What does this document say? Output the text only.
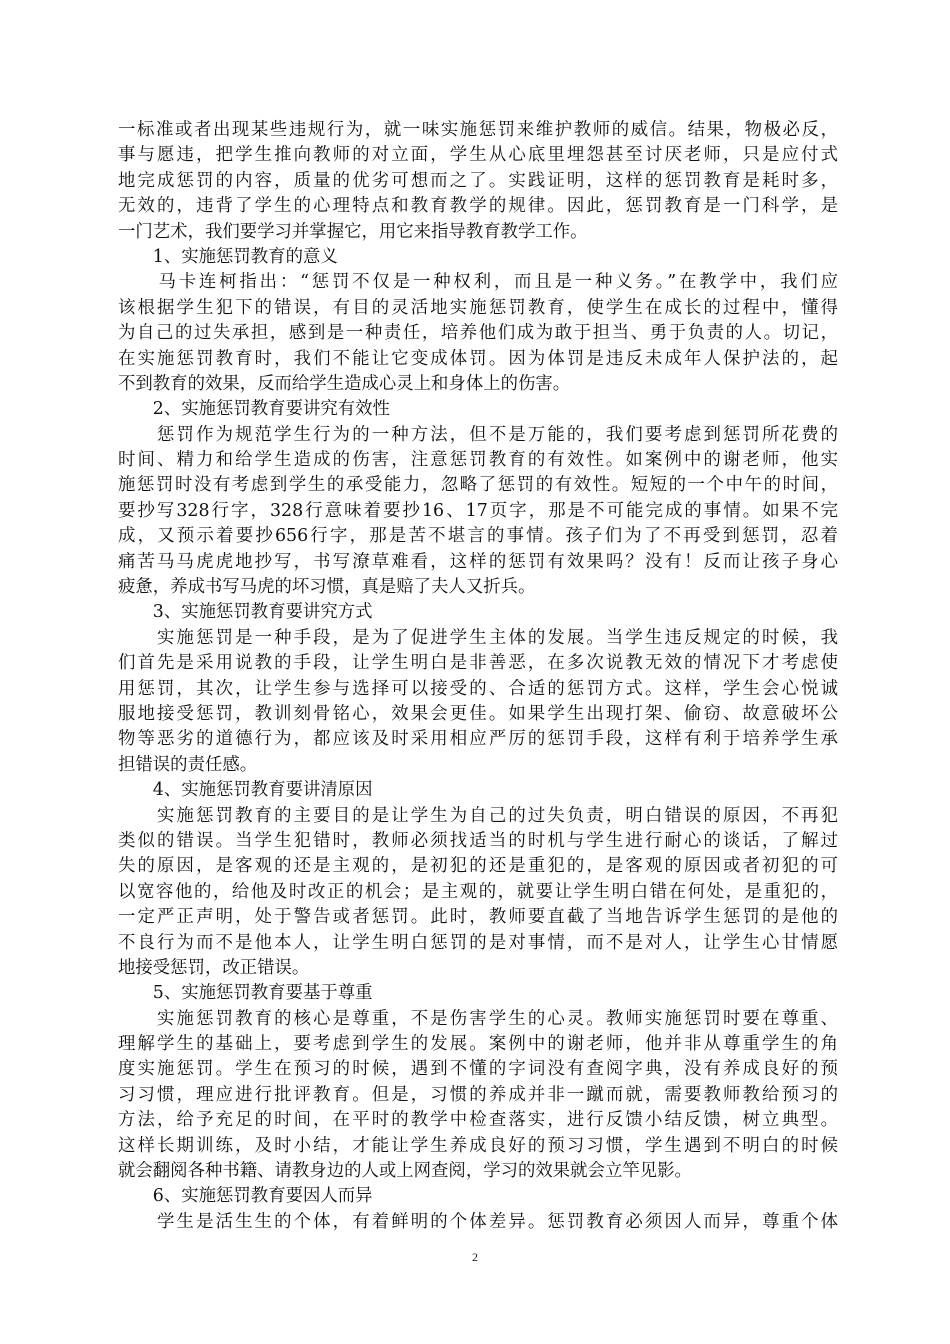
一标准或者出现某些违规行为，就一味实施惩罚来维护教师的威信。结果，物极必反，
事与愿违，把学生推向教师的对立面，学生从心底里埋怨甚至讨厌老师，只是应付式
地完成惩罚的内容，质量的优劣可想而之了。实践证明，这样的惩罚教育是耗时多，
无效的，违背了学生的心理特点和教育教学的规律。因此，惩罚教育是一门科学，是
一门艺术，我们要学习并掌握它，用它来指导教育教学工作。
　　1、实施惩罚教育的意义
　　马卡连柯指出：“惩罚不仅是一种权利，而且是一种义务。”在教学中，我们应
该根据学生犯下的错误，有目的灵活地实施惩罚教育，使学生在成长的过程中，懂得
为自己的过失承担，感到是一种责任，培养他们成为敢于担当、勇于负责的人。切记，
在实施惩罚教育时，我们不能让它变成体罚。因为体罚是违反未成年人保护法的，起
不到教育的效果，反而给学生造成心灵上和身体上的伤害。
　　2、实施惩罚教育要讲究有效性
　　惩罚作为规范学生行为的一种方法，但不是万能的，我们要考虑到惩罚所花费的
时间、精力和给学生造成的伤害，注意惩罚教育的有效性。如案例中的谢老师，他实
施惩罚时没有考虑到学生的承受能力，忽略了惩罚的有效性。短短的一个中午的时间，
要抄写328行字，328行意味着要抄16、17页字，那是不可能完成的事情。如果不完
成，又预示着要抄656行字，那是苦不堪言的事情。孩子们为了不再受到惩罚，忍着
痛苦马马虎虎地抄写，书写潦草难看，这样的惩罚有效果吗？没有！反而让孩子身心
疲惫，养成书写马虎的坏习惯，真是赔了夫人又折兵。
　　3、实施惩罚教育要讲究方式
　　实施惩罚是一种手段，是为了促进学生主体的发展。当学生违反规定的时候，我
们首先是采用说教的手段，让学生明白是非善恶，在多次说教无效的情况下才考虑使
用惩罚，其次，让学生参与选择可以接受的、合适的惩罚方式。这样，学生会心悦诚
服地接受惩罚，教训刻骨铭心，效果会更佳。如果学生出现打架、偷窃、故意破坏公
物等恶劣的道德行为，都应该及时采用相应严厉的惩罚手段，这样有利于培养学生承
担错误的责任感。
　　4、实施惩罚教育要讲清原因
　　实施惩罚教育的主要目的是让学生为自己的过失负责，明白错误的原因，不再犯
类似的错误。当学生犯错时，教师必须找适当的时机与学生进行耐心的谈话，了解过
失的原因，是客观的还是主观的，是初犯的还是重犯的，是客观的原因或者初犯的可
以宽容他的，给他及时改正的机会；是主观的，就要让学生明白错在何处，是重犯的，
一定严正声明，处于警告或者惩罚。此时，教师要直截了当地告诉学生惩罚的是他的
不良行为而不是他本人，让学生明白惩罚的是对事情，而不是对人，让学生心甘情愿
地接受惩罚，改正错误。
　　5、实施惩罚教育要基于尊重
　　实施惩罚教育的核心是尊重，不是伤害学生的心灵。教师实施惩罚时要在尊重、
理解学生的基础上，要考虑到学生的发展。案例中的谢老师，他并非从尊重学生的角
度实施惩罚。学生在预习的时候，遇到不懂的字词没有查阅字典，没有养成良好的预
习习惯，理应进行批评教育。但是，习惯的养成并非一蹴而就，需要教师教给预习的
方法，给予充足的时间，在平时的教学中检查落实，进行反馈小结反馈，树立典型。
这样长期训练，及时小结，才能让学生养成良好的预习习惯，学生遇到不明白的时候
就会翻阅各种书籍、请教身边的人或上网查阅，学习的效果就会立竿见影。
　　6、实施惩罚教育要因人而异
　　学生是活生生的个体，有着鲜明的个体差异。惩罚教育必须因人而异，尊重个体
2
